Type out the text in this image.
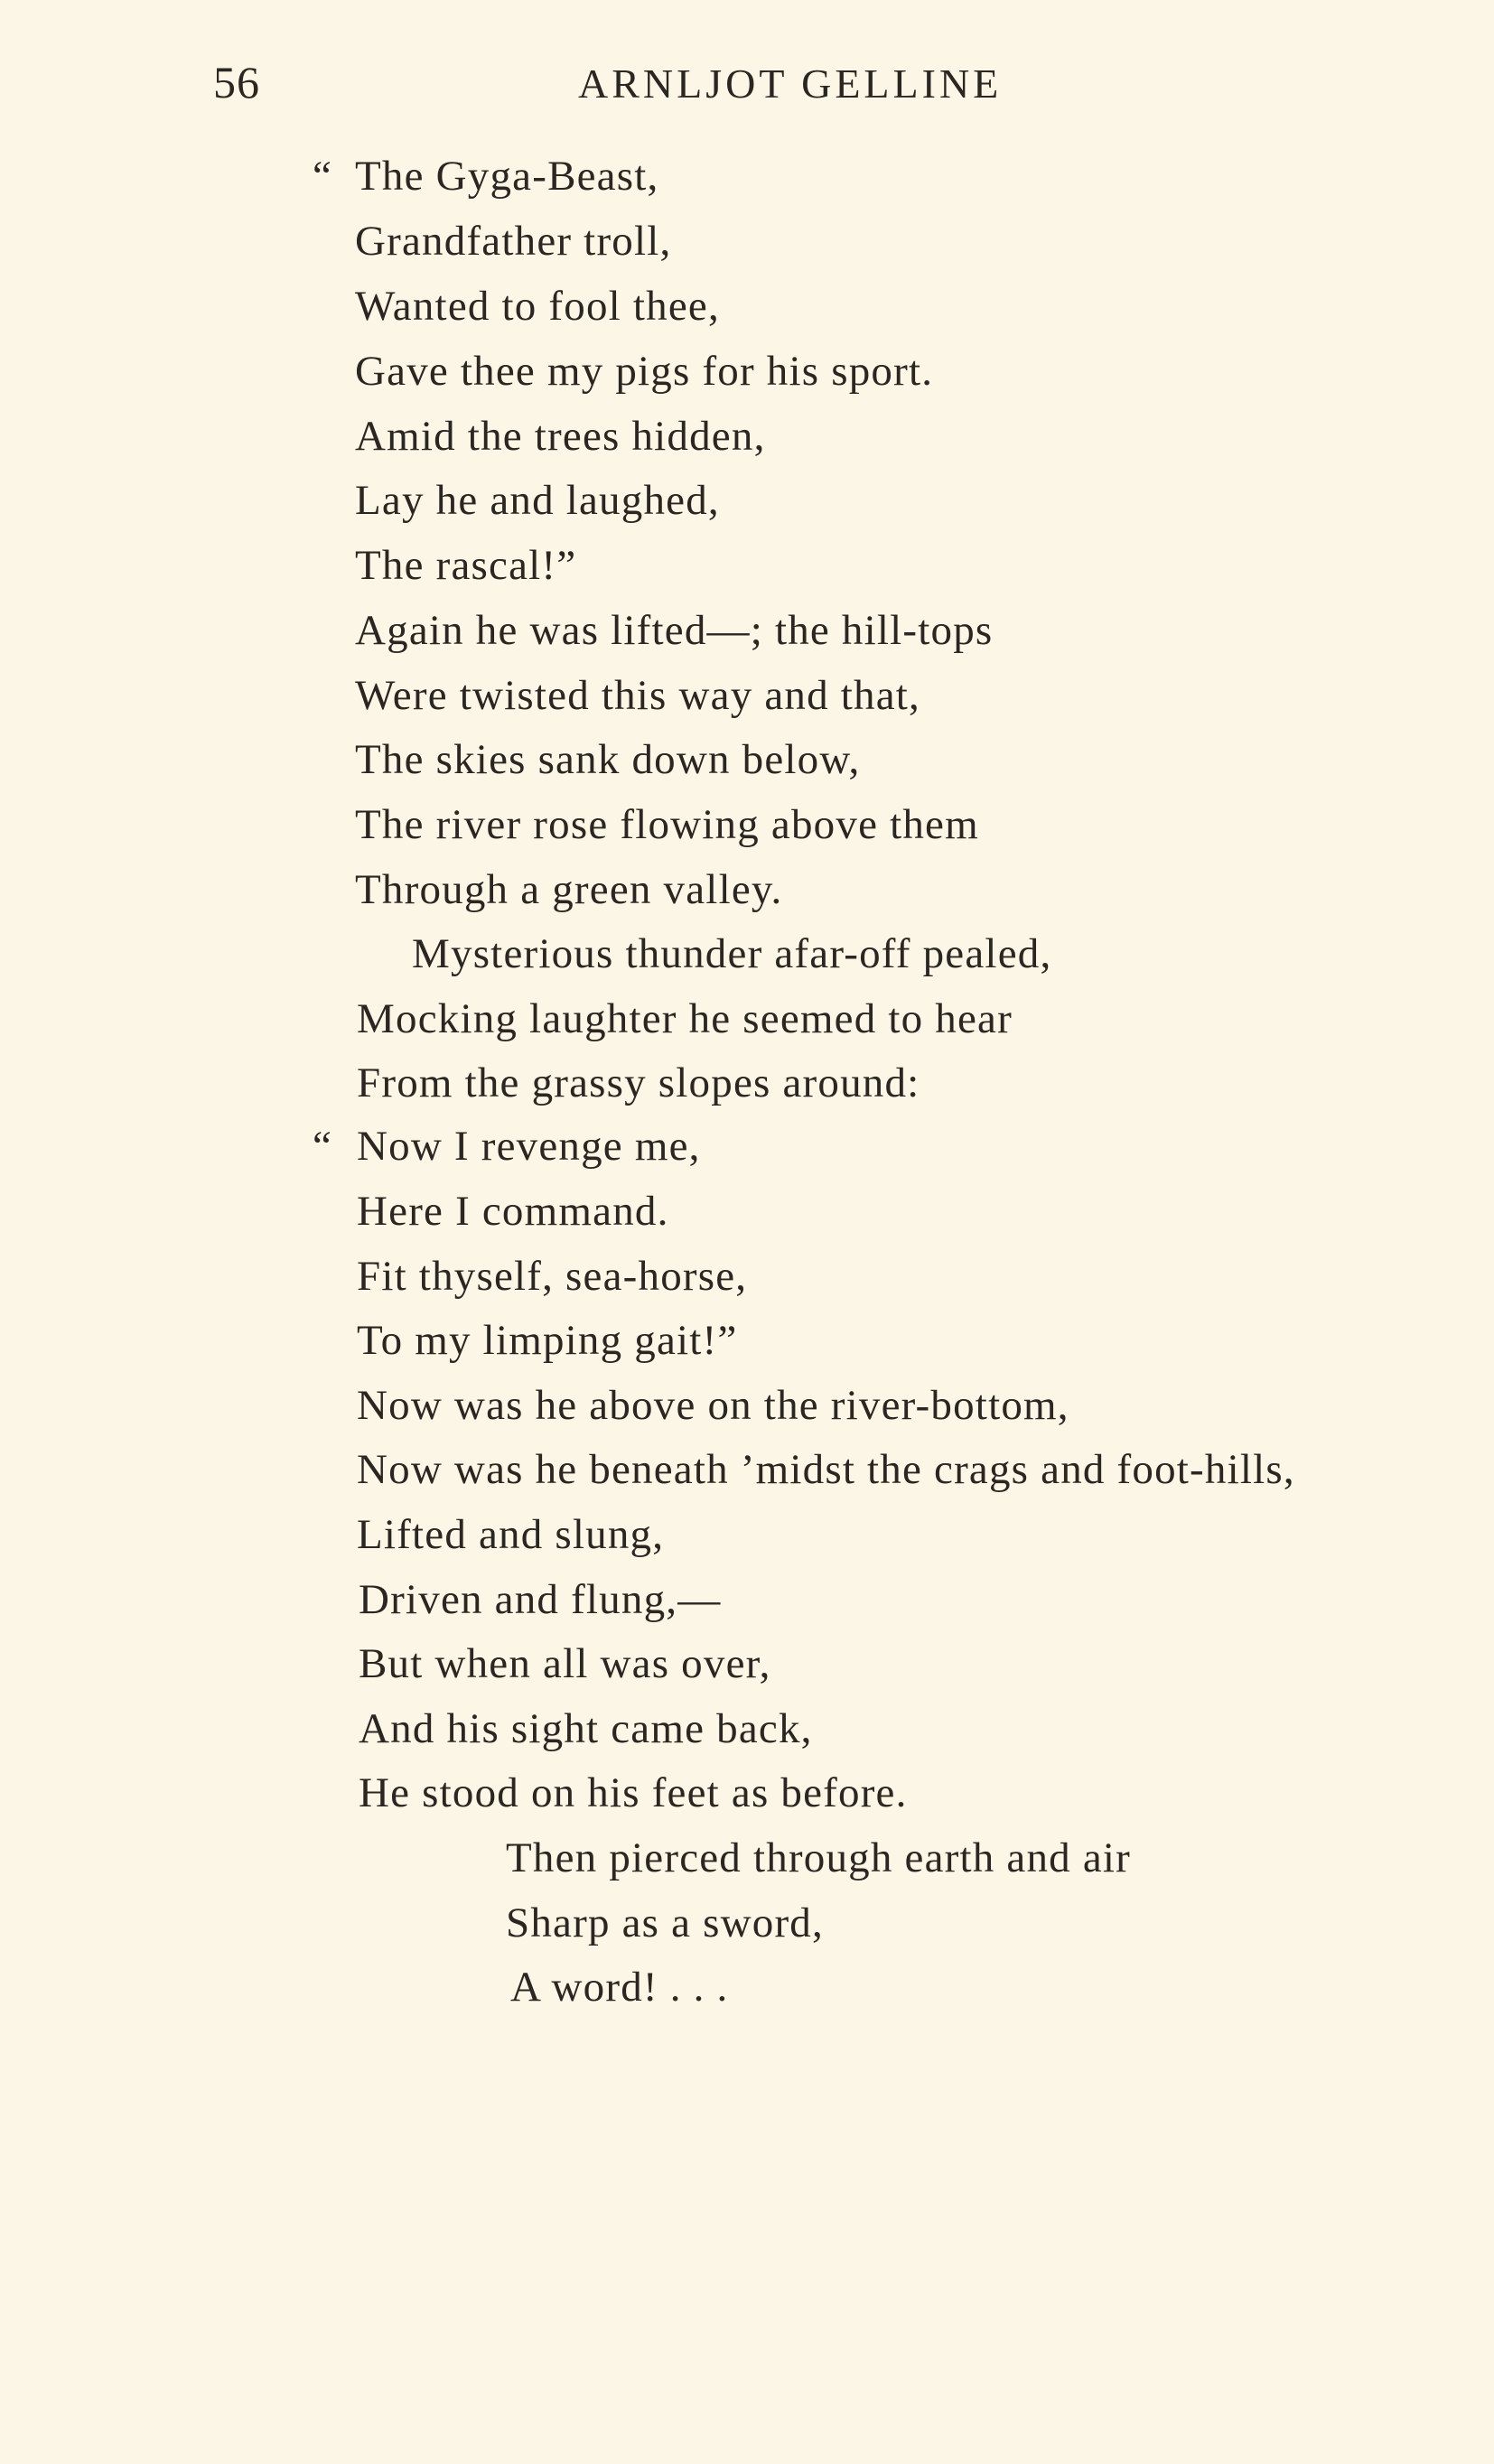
56	ARNLJOT GELLINE
“
“
The Gyga-Beast,
Grandfather troll,
Wanted to fool thee,
Gave thee my pigs for his sport.
Amid the trees hidden,
Lay he and laughed,
The rascal!”
Again he was lifted—; the hill-tops
Were twisted this way and that,
The skies sank down below,
The river rose flowing above them
Through a green valley.
Mysterious thunder afar-off pealed,
Mocking laughter he seemed to hear
From the grassy slopes around:
Now I revenge me,
Here I command.
Fit thyself, sea-horse,
To my limping gait!”
Now was he above on the river-bottom,
Now was he beneath ’midst the crags and foot-hills,
Lifted and slung,
Driven and flung,—
But when all was over,
And his sight came back,
He stood on his feet as before.
Then pierced through earth and air
Sharp as a sword,
A word! . . .
